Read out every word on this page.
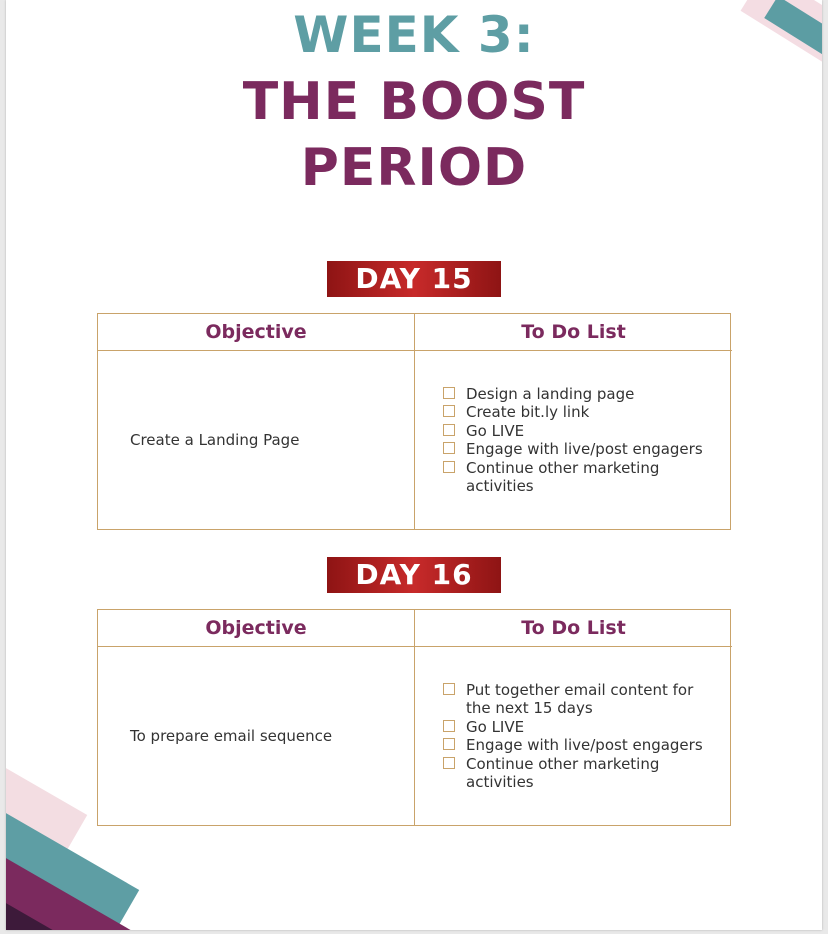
WEEK 3:
THE BOOST
PERIOD
DAY 15
Objective	To Do List
Create a Landing Page
Design a landing page
Create bit.ly link
Go LIVE
Engage with live/post engagers
Continue other marketing activities
DAY 16
Objective	To Do List
To prepare email sequence
Put together email content for the next 15 days
Go LIVE
Engage with live/post engagers
Continue other marketing activities
